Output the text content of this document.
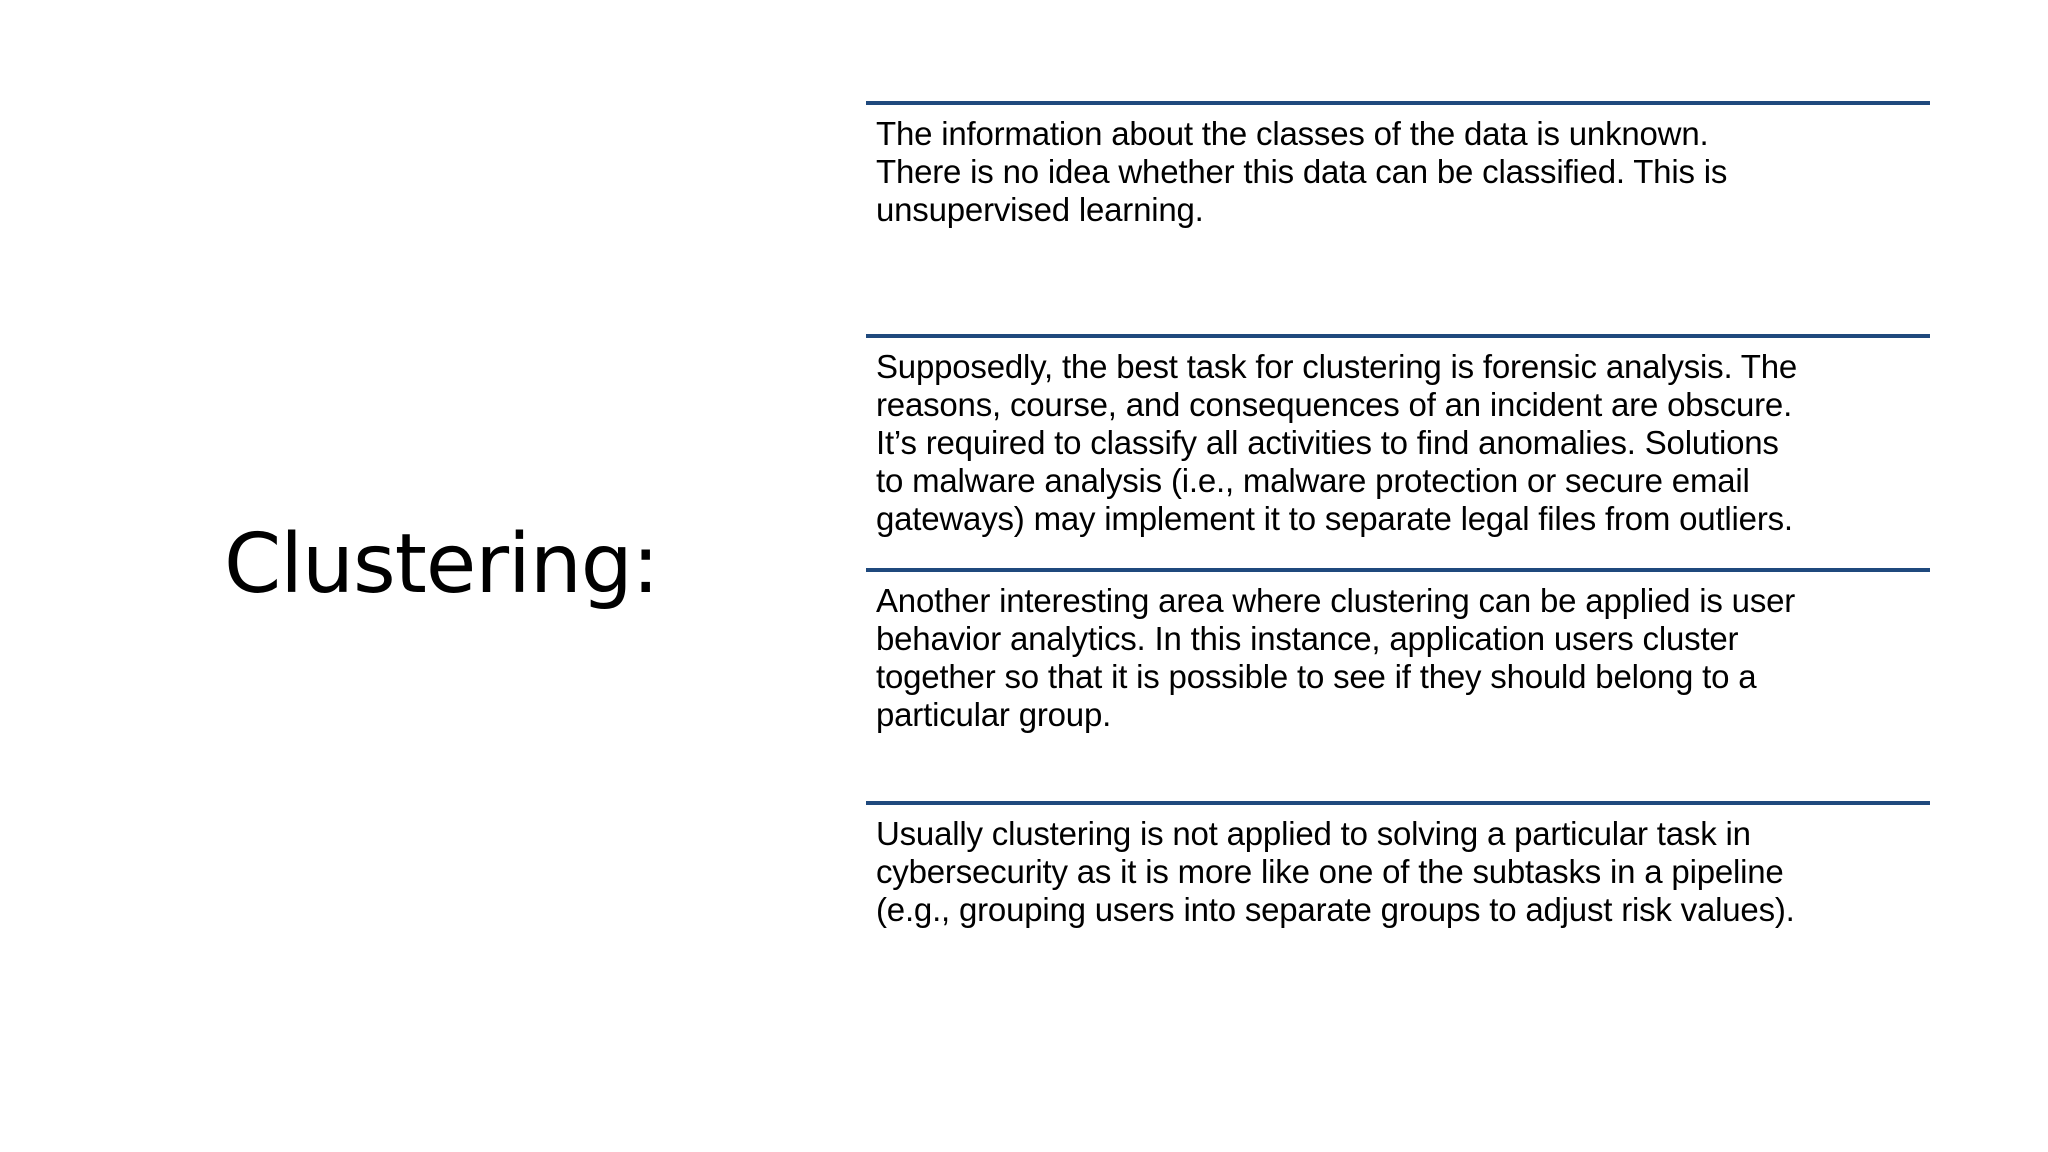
Clustering:

The information about the classes of the data is unknown.
There is no idea whether this data can be classified. This is
unsupervised learning.

Supposedly, the best task for clustering is forensic analysis. The
reasons, course, and consequences of an incident are obscure.
It’s required to classify all activities to find anomalies. Solutions
to malware analysis (i.e., malware protection or secure email
gateways) may implement it to separate legal files from outliers.

Another interesting area where clustering can be applied is user
behavior analytics. In this instance, application users cluster
together so that it is possible to see if they should belong to a
particular group.

Usually clustering is not applied to solving a particular task in
cybersecurity as it is more like one of the subtasks in a pipeline
(e.g., grouping users into separate groups to adjust risk values).
